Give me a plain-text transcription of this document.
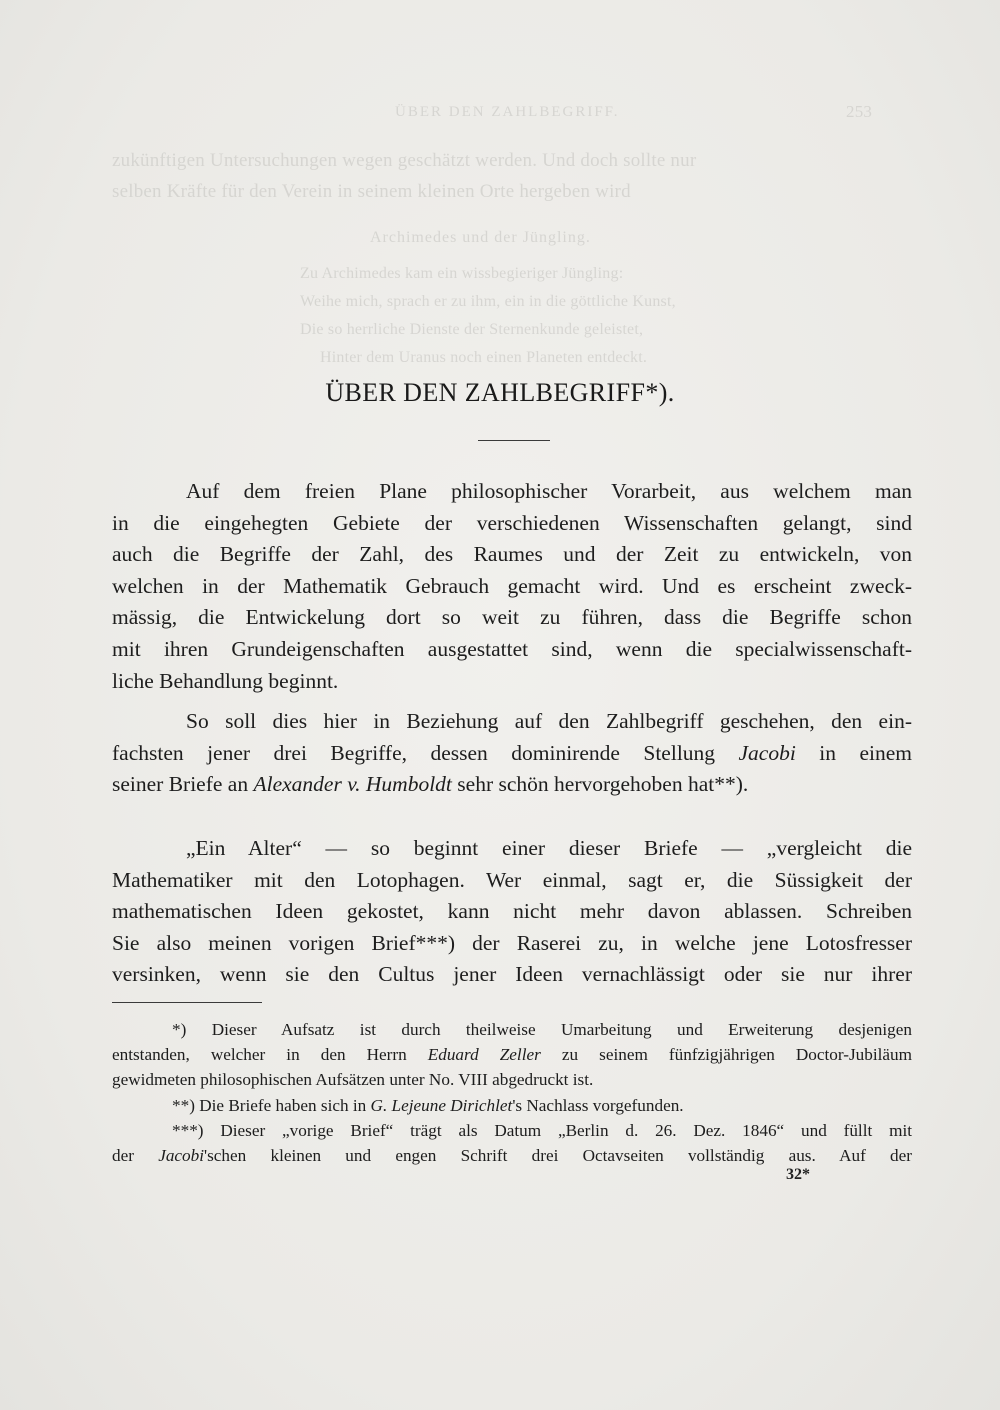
ÜBER DEN ZAHLBEGRIFF.	253
zukünftigen Untersuchungen wegen geschätzt werden. Und doch sollte nur
selben Kräfte für den Verein in seinem kleinen Orte hergeben wird
Archimedes und der Jüngling.
Zu Archimedes kam ein wissbegieriger Jüngling:
Weihe mich, sprach er zu ihm, ein in die göttliche Kunst,
Die so herrliche Dienste der Sternenkunde geleistet,
Hinter dem Uranus noch einen Planeten entdeckt.
ÜBER DEN ZAHLBEGRIFF*).
Auf dem freien Plane philosophischer Vorarbeit, aus welchem man
in die eingehegten Gebiete der verschiedenen Wissenschaften gelangt, sind
auch die Begriffe der Zahl, des Raumes und der Zeit zu entwickeln, von
welchen in der Mathematik Gebrauch gemacht wird. Und es erscheint zweck-
mässig, die Entwickelung dort so weit zu führen, dass die Begriffe schon
mit ihren Grundeigenschaften ausgestattet sind, wenn die specialwissenschaft-
liche Behandlung beginnt.
So soll dies hier in Beziehung auf den Zahlbegriff geschehen, den ein-
fachsten jener drei Begriffe, dessen dominirende Stellung Jacobi in einem
seiner Briefe an Alexander v. Humboldt sehr schön hervorgehoben hat**).
„Ein Alter“ — so beginnt einer dieser Briefe — „vergleicht die
Mathematiker mit den Lotophagen. Wer einmal, sagt er, die Süssigkeit der
mathematischen Ideen gekostet, kann nicht mehr davon ablassen. Schreiben
Sie also meinen vorigen Brief***) der Raserei zu, in welche jene Lotosfresser
versinken, wenn sie den Cultus jener Ideen vernachlässigt oder sie nur ihrer
*) Dieser Aufsatz ist durch theilweise Umarbeitung und Erweiterung desjenigen
entstanden, welcher in den Herrn Eduard Zeller zu seinem fünfzigjährigen Doctor-Jubiläum
gewidmeten philosophischen Aufsätzen unter No. VIII abgedruckt ist.
**) Die Briefe haben sich in G. Lejeune Dirichlet's Nachlass vorgefunden.
***) Dieser „vorige Brief“ trägt als Datum „Berlin d. 26. Dez. 1846“ und füllt mit
der Jacobi'schen kleinen und engen Schrift drei Octavseiten vollständig aus. Auf der
32*
